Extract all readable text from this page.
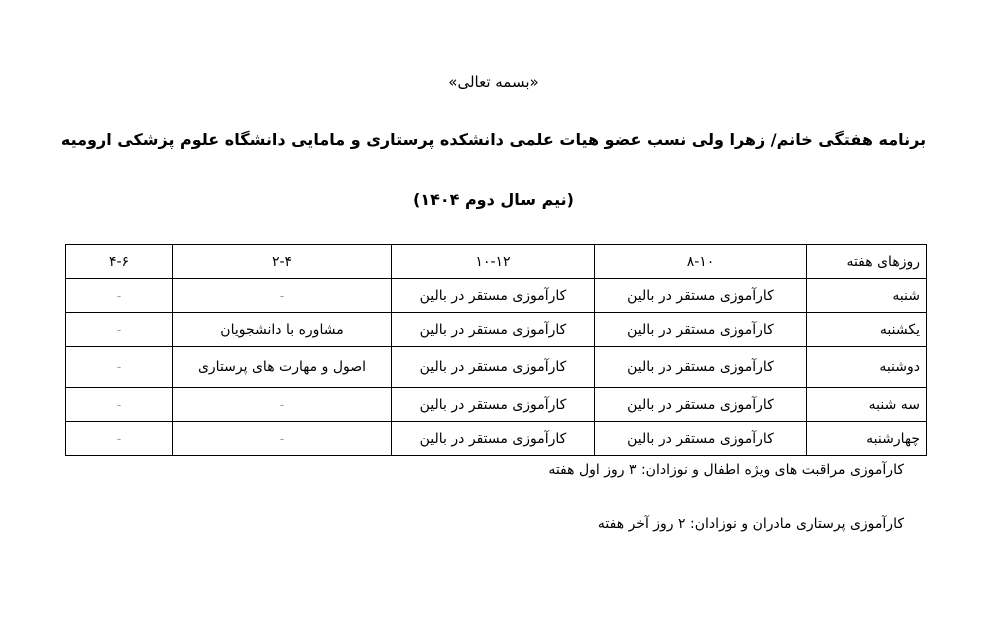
«بسمه تعالی»

برنامه هفتگی خانم/ زهرا ولی نسب عضو هیات علمی دانشکده پرستاری و مامایی دانشگاه علوم پزشکی ارومیه

(نیم سال دوم ۱۴۰۴)

روزهای هفته	۸-۱۰	۱۰-۱۲	۲-۴	۴-۶
شنبه	کارآموزی مستقر در بالین	کارآموزی مستقر در بالین	-	-
یکشنبه	کارآموزی مستقر در بالین	کارآموزی مستقر در بالین	مشاوره با دانشجویان	-
دوشنبه	کارآموزی مستقر در بالین	کارآموزی مستقر در بالین	اصول و مهارت های پرستاری	-
سه شنبه	کارآموزی مستقر در بالین	کارآموزی مستقر در بالین	-	-
چهارشنبه	کارآموزی مستقر در بالین	کارآموزی مستقر در بالین	-	-

کارآموزی مراقبت های ویژه اطفال و نوزادان: ۳ روز اول هفته

کارآموزی پرستاری مادران و نوزادان: ۲ روز آخر هفته
